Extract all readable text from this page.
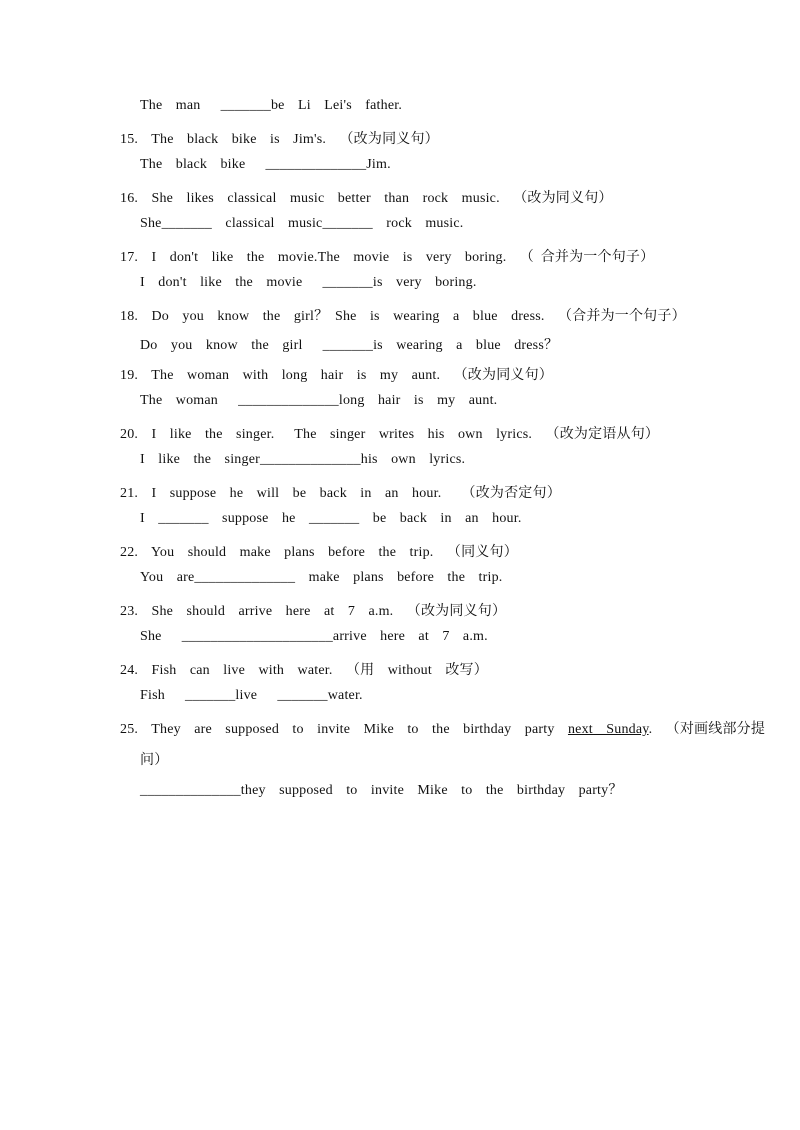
The  man   _______be  Li  Lei's  father.
15.  The  black  bike  is  Jim's.  （改为同义句）
The  black  bike   ______________Jim.
16.  She  likes  classical  music  better  than  rock  music.  （改为同义句）
She_______  classical  music_______  rock  music.
17.  I  don't  like  the  movie.The  movie  is  very  boring.  （ 合并为一个句子）
I  don't  like  the  movie   _______is  very  boring.
18.  Do  you  know  the  girl？ She  is  wearing  a  blue  dress.  （合并为一个句子）
Do  you  know  the  girl   _______is  wearing  a  blue  dress？
19.  The  woman  with  long  hair  is  my  aunt.  （改为同义句）
The  woman   ______________long  hair  is  my  aunt.
20.  I  like  the  singer.   The  singer  writes  his  own  lyrics.  （改为定语从句）
I  like  the  singer______________his  own  lyrics.
21.  I  suppose  he  will  be  back  in  an  hour.   （改为否定句）
I  _______  suppose  he  _______  be  back  in  an  hour.
22.  You  should  make  plans  before  the  trip.  （同义句）
You  are______________  make  plans  before  the  trip.
23.  She  should  arrive  here  at  7  a.m.  （改为同义句）
She   _____________________arrive  here  at  7  a.m.
24.  Fish  can  live  with  water.  （用  without  改写）
Fish   _______live   _______water.
25.  They  are  supposed  to  invite  Mike  to  the  birthday  party  next  Sunday.  （对画线部分提
问）
______________they  supposed  to  invite  Mike  to  the  birthday  party？
